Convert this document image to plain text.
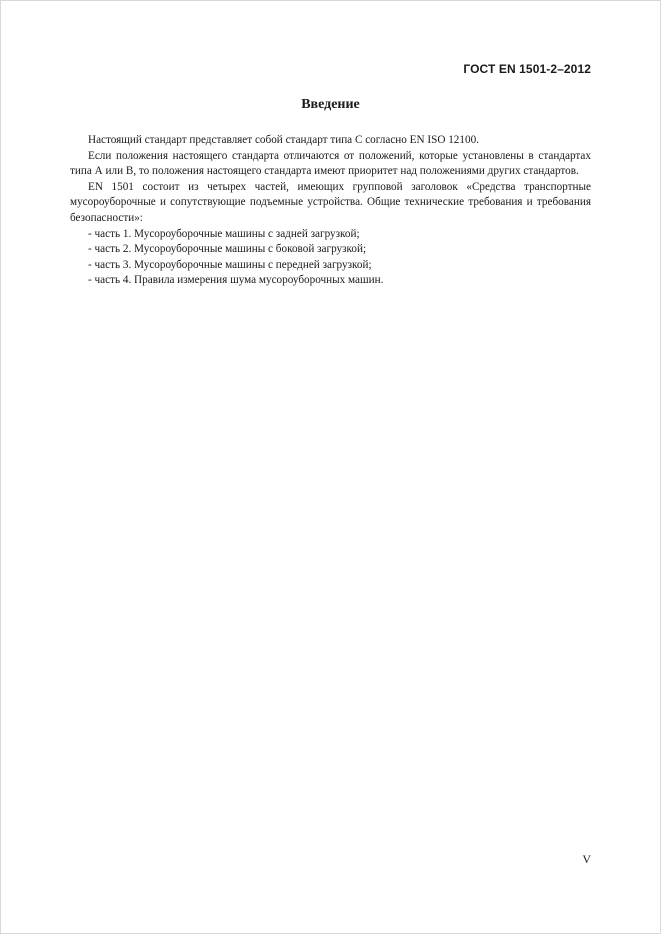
ГОСТ EN 1501-2–2012
Введение

Настоящий стандарт представляет собой стандарт типа С согласно EN ISO 12100.

Если положения настоящего стандарта отличаются от положений, которые установлены в стандартах типа А или В, то положения настоящего стандарта имеют приоритет над положениями других стандартов.

EN 1501 состоит из четырех частей, имеющих групповой заголовок «Средства транспортные мусороуборочные и сопутствующие подъемные устройства. Общие технические требования и требования безопасности»:

- часть 1. Мусороуборочные машины с задней загрузкой;
- часть 2. Мусороуборочные машины с боковой загрузкой;
- часть 3. Мусороуборочные машины с передней загрузкой;
- часть 4. Правила измерения шума мусороуборочных машин.
V
